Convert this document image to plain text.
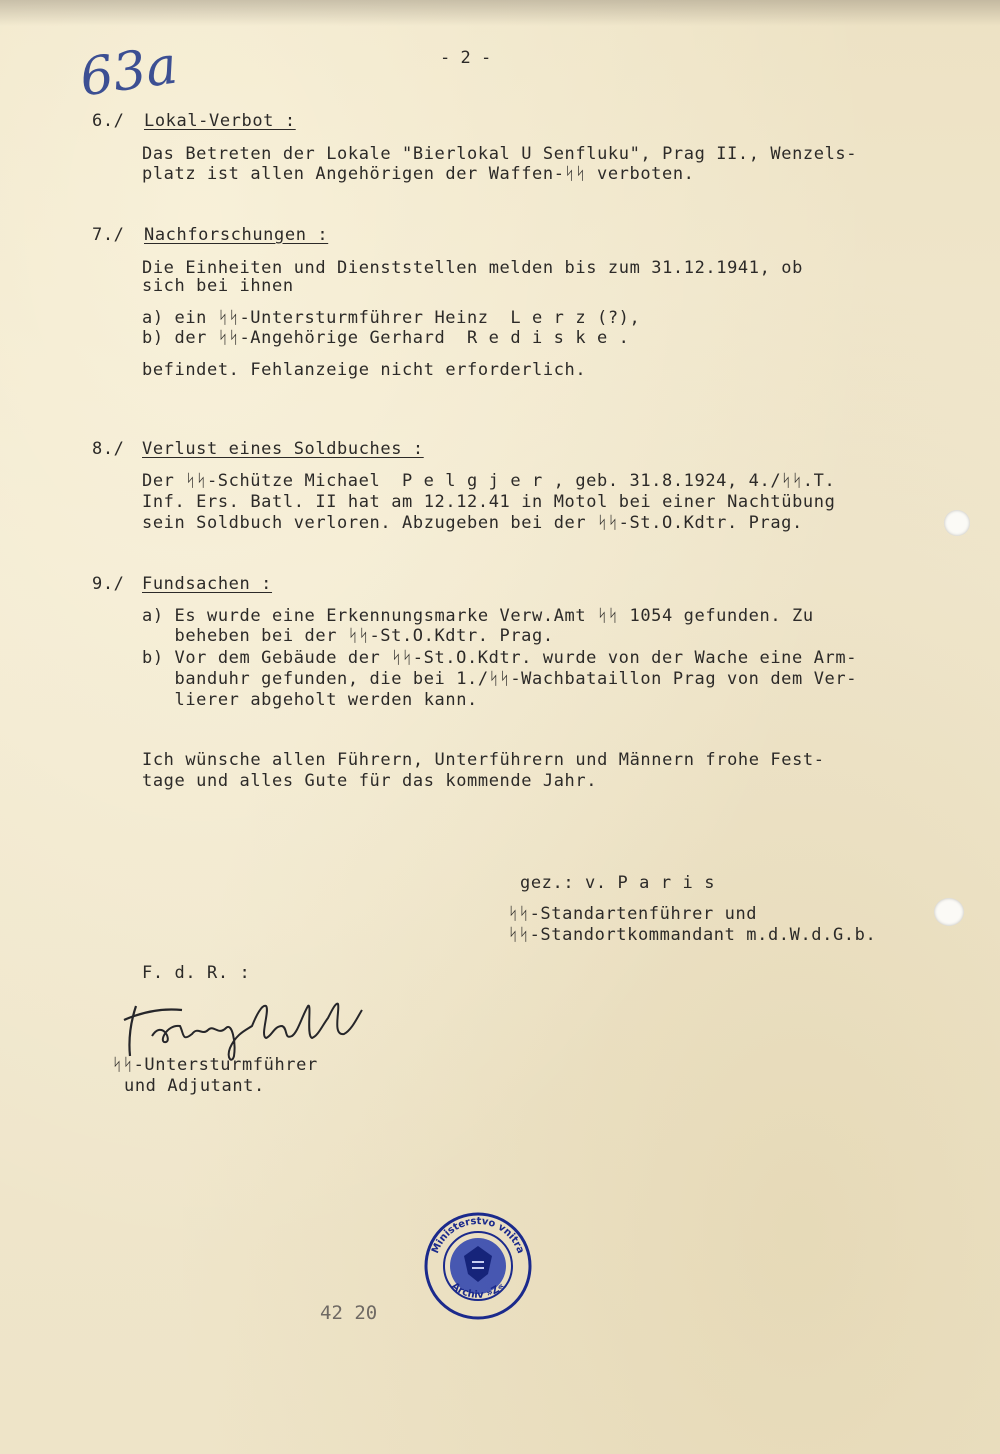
63a	- 2 -
6./ Lokal-Verbot :
Das Betreten der Lokale "Bierlokal U Senfluku", Prag II., Wenzels-
platz ist allen Angehörigen der Waffen-ᛋᛋ verboten.
7./ Nachforschungen :
Die Einheiten und Dienststellen melden bis zum 31.12.1941, ob
sich bei ihnen
a) ein ᛋᛋ-Untersturmführer Heinz  L e r z (?),
b) der ᛋᛋ-Angehörige Gerhard  R e d i s k e .
befindet. Fehlanzeige nicht erforderlich.
8./ Verlust eines Soldbuches :
Der ᛋᛋ-Schütze Michael  P e l g j e r , geb. 31.8.1924, 4./ᛋᛋ.T.
Inf. Ers. Batl. II hat am 12.12.41 in Motol bei einer Nachtübung
sein Soldbuch verloren. Abzugeben bei der ᛋᛋ-St.O.Kdtr. Prag.
9./ Fundsachen :
a) Es wurde eine Erkennungsmarke Verw.Amt ᛋᛋ 1054 gefunden. Zu
beheben bei der ᛋᛋ-St.O.Kdtr. Prag.
b) Vor dem Gebäude der ᛋᛋ-St.O.Kdtr. wurde von der Wache eine Arm-
banduhr gefunden, die bei 1./ᛋᛋ-Wachbataillon Prag von dem Ver-
lierer abgeholt werden kann.
Ich wünsche allen Führern, Unterführern und Männern frohe Fest-
tage und alles Gute für das kommende Jahr.
gez.: v. P a r i s
ᛋᛋ-Standartenführer und
ᛋᛋ-Standortkommandant m.d.W.d.G.b.
F. d. R. :
ᛋᛋ-Untersturmführer
und Adjutant.
Ministerstvo vnitra
Archiv »Z«
42 20
